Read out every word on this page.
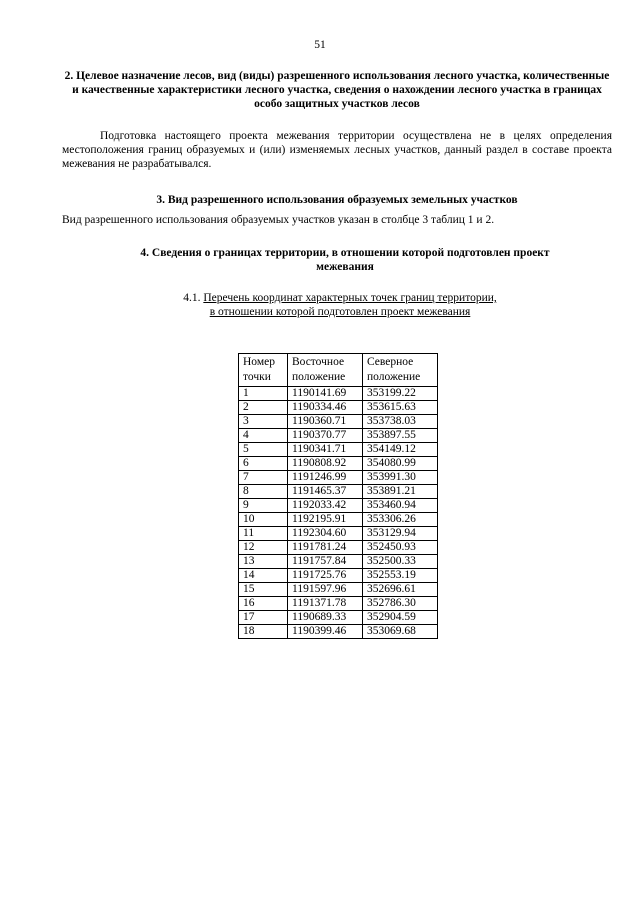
51
2. Целевое назначение лесов, вид (виды) разрешенного использования лесного участка, количественные и качественные характеристики лесного участка, сведения о нахождении лесного участка в границах особо защитных участков лесов
Подготовка настоящего проекта межевания территории осуществлена не в целях определения местоположения границ образуемых и (или) изменяемых лесных участков, данный раздел в составе проекта межевания не разрабатывался.
3. Вид разрешенного использования образуемых земельных участков
Вид разрешенного использования образуемых участков указан в столбце 3 таблиц 1 и 2.
4. Сведения о границах территории, в отношении которой подготовлен проект межевания
4.1. Перечень координат характерных точек границ территории,
в отношении которой подготовлен проект межевания
Номер точки	Восточное положение	Северное положение
1	1190141.69	353199.22
2	1190334.46	353615.63
3	1190360.71	353738.03
4	1190370.77	353897.55
5	1190341.71	354149.12
6	1190808.92	354080.99
7	1191246.99	353991.30
8	1191465.37	353891.21
9	1192033.42	353460.94
10	1192195.91	353306.26
11	1192304.60	353129.94
12	1191781.24	352450.93
13	1191757.84	352500.33
14	1191725.76	352553.19
15	1191597.96	352696.61
16	1191371.78	352786.30
17	1190689.33	352904.59
18	1190399.46	353069.68
